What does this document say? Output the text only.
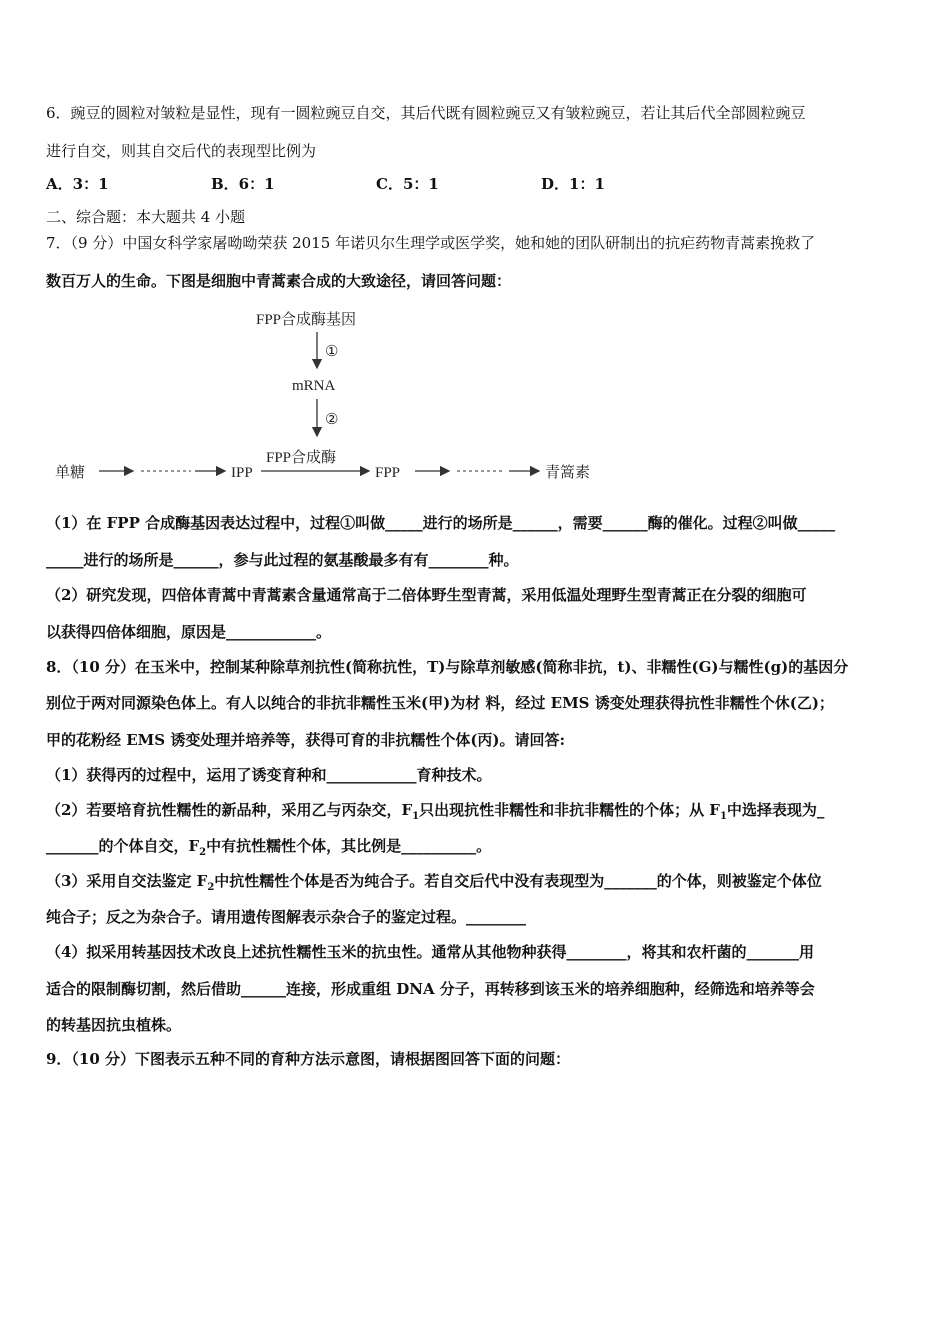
6．豌豆的圆粒对皱粒是显性，现有一圆粒豌豆自交，其后代既有圆粒豌豆又有皱粒豌豆，若让其后代全部圆粒豌豆
进行自交，则其自交后代的表现型比例为
A．3：1	B．6：1	C．5：1	D．1：1
二、综合题：本大题共 4 小题
7．（9 分）中国女科学家屠呦呦荣获 2015 年诺贝尔生理学或医学奖，她和她的团队研制出的抗疟药物青蒿素挽救了
数百万人的生命。下图是细胞中青蒿素合成的大致途径，请回答问题：
FPP合成酶基因
①
mRNA
②
FPP合成酶
单糖	IPP	FPP	青篙素
（1）在 FPP 合成酶基因表达过程中，过程①叫做_____进行的场所是______，需要______酶的催化。过程②叫做_____
_____进行的场所是______，参与此过程的氨基酸最多有有________种。
（2）研究发现，四倍体青蒿中青蒿素含量通常高于二倍体野生型青蒿，采用低温处理野生型青蒿正在分裂的细胞可
以获得四倍体细胞，原因是____________。
8．（10 分）在玉米中，控制某种除草剂抗性(简称抗性，T)与除草剂敏感(简称非抗，t)、非糯性(G)与糯性(g)的基因分
别位于两对同源染色体上。有人以纯合的非抗非糯性玉米(甲)为材 料，经过 EMS 诱变处理获得抗性非糯性个休(乙)；
甲的花粉经 EMS 诱变处理并培养等，获得可育的非抗糯性个体(丙)。请回答:
（1）获得丙的过程中，运用了诱变育种和____________育种技术。
（2）若要培育抗性糯性的新品种，采用乙与丙杂交，$F_1$只出现抗性非糯性和非抗非糯性的个体；从 $F_1$中选择表现为_
_______的个体自交，$F_2$中有抗性糯性个体，其比例是__________。
（3）采用自交法鉴定 $F_2$中抗性糯性个体是否为纯合子。若自交后代中没有表现型为_______的个体，则被鉴定个体位
纯合子；反之为杂合子。请用遗传图解表示杂合子的鉴定过程。________
（4）拟采用转基因技术改良上述抗性糯性玉米的抗虫性。通常从其他物种获得________，将其和农杆菌的_______用
适合的限制酶切割，然后借助______连接，形成重组 DNA 分子，再转移到该玉米的培养细胞种，经筛选和培养等会
的转基因抗虫植株。
9．（10 分）下图表示五种不同的育种方法示意图，请根据图回答下面的问题：
